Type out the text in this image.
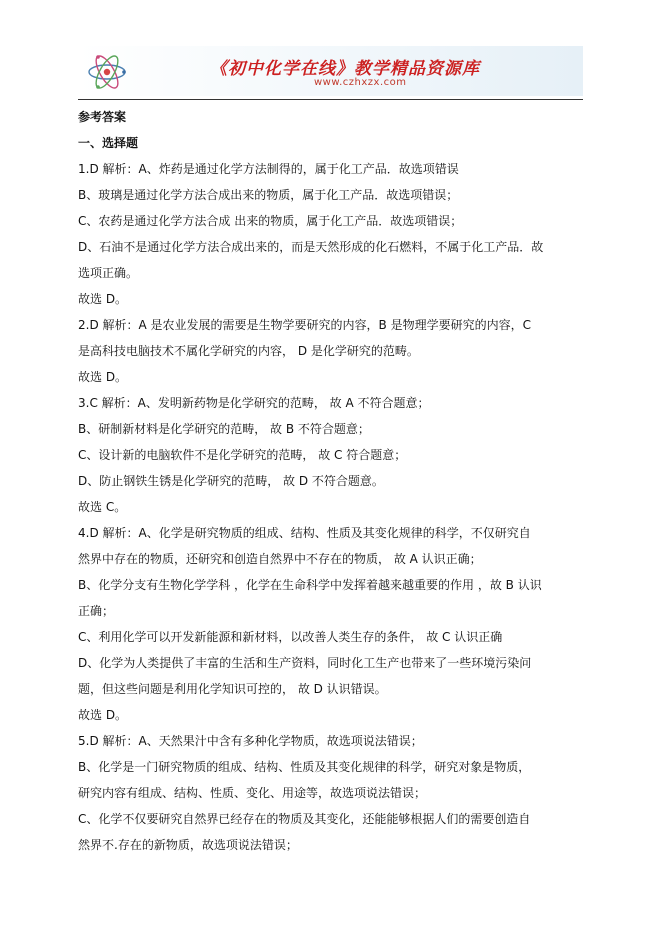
《初中化学在线》教学精品资源库
www.czhxzx.com
参考答案
一、选择题
1.D 解析：A、炸药是通过化学方法制得的，属于化工产品．故选项错误
B、玻璃是通过化学方法合成出来的物质，属于化工产品．故选项错误；
C、农药是通过化学方法合成 出来的物质，属于化工产品．故选项错误；
D、石油不是通过化学方法合成出来的，而是天然形成的化石燃料，不属于化工产品．故
选项正确。
故选 D。
2.D 解析：A 是农业发展的需要是生物学要研究的内容，B 是物理学要研究的内容，C
是高科技电脑技术不属化学研究的内容， D 是化学研究的范畴。
故选 D。
3.C 解析：A、发明新药物是化学研究的范畴， 故 A 不符合题意；
B、研制新材料是化学研究的范畴， 故 B 不符合题意；
C、设计新的电脑软件不是化学研究的范畴， 故 C 符合题意；
D、防止钢铁生锈是化学研究的范畴， 故 D 不符合题意。
故选 C。
4.D 解析：A、化学是研究物质的组成、结构、性质及其变化规律的科学，不仅研究自
然界中存在的物质，还研究和创造自然界中不存在的物质， 故 A 认识正确；
B、化学分支有生物化学学科 ，化学在生命科学中发挥着越来越重要的作用 ，故 B 认识
正确；
C、利用化学可以开发新能源和新材料，以改善人类生存的条件， 故 C 认识正确
D、化学为人类提供了丰富的生活和生产资料，同时化工生产也带来了一些环境污染问
题，但这些问题是利用化学知识可控的， 故 D 认识错误。
故选 D。
5.D 解析：A、天然果汁中含有多种化学物质，故选项说法错误；
B、化学是一门研究物质的组成、结构、性质及其变化规律的科学，研究对象是物质，
研究内容有组成、结构、性质、变化、用途等，故选项说法错误；
C、化学不仅要研究自然界已经存在的物质及其变化，还能能够根据人们的需要创造自
然界不.存在的新物质，故选项说法错误；
